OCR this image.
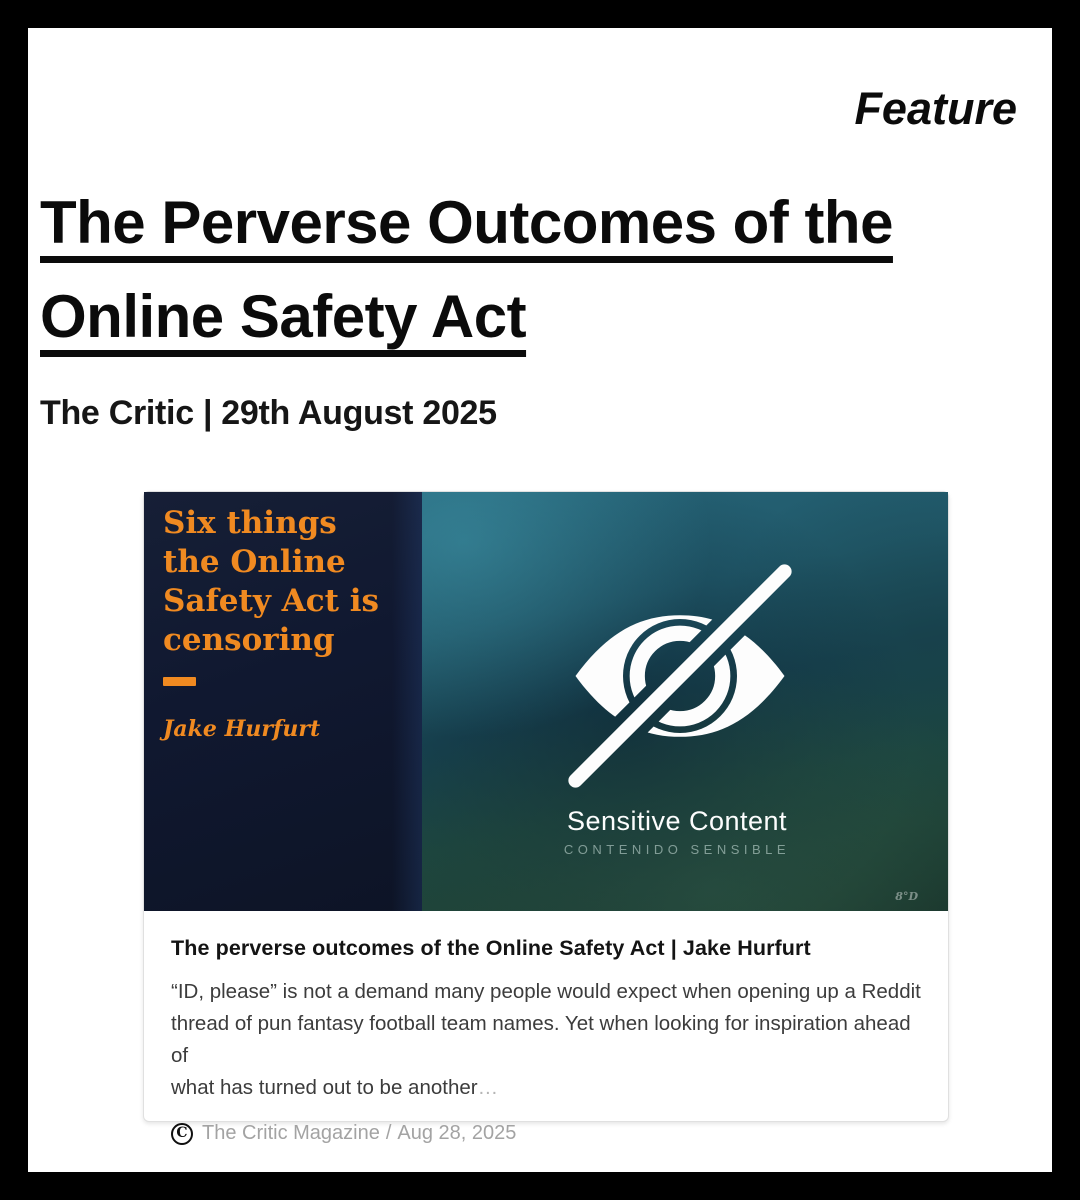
Feature
The Perverse Outcomes of the
Online Safety Act
The Critic | 29th August 2025
Six things
the Online
Safety Act is
censoring
Jake Hurfurt
Sensitive Content
CONTENIDO SENSIBLE
8°D
The perverse outcomes of the Online Safety Act | Jake Hurfurt
“ID, please” is not a demand many people would expect when opening up a Reddit
thread of pun fantasy football team names. Yet when looking for inspiration ahead of
what has turned out to be another…
C The Critic Magazine / Aug 28, 2025
